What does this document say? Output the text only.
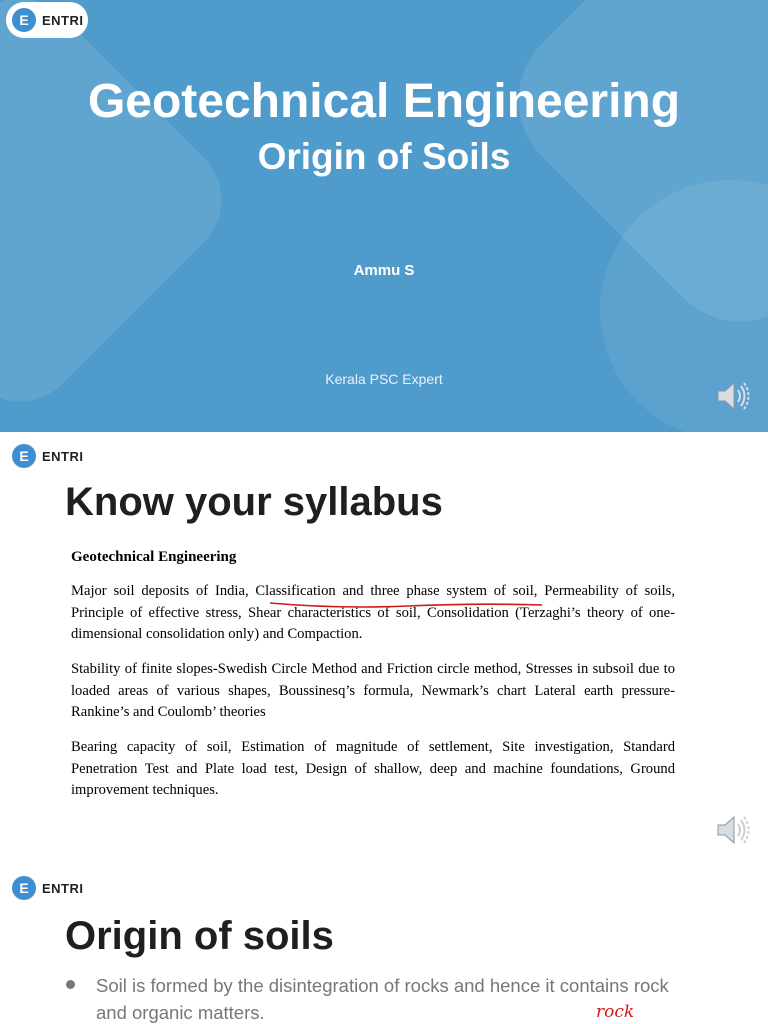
E	ENTRI
Geotechnical Engineering
Origin of Soils
Ammu S
Kerala PSC Expert
E	ENTRI
Know your syllabus
Geotechnical Engineering
Major soil deposits of India, Classification and three phase system of soil, Permeability of soils, Principle of effective stress, Shear characteristics of soil, Consolidation (Terzaghi’s theory of one-dimensional consolidation only) and Compaction.
Stability of finite slopes-Swedish Circle Method and Friction circle method, Stresses in subsoil due to loaded areas of various shapes, Boussinesq’s formula, Newmark’s chart Lateral earth pressure-Rankine’s and Coulomb’ theories
Bearing capacity of soil, Estimation of magnitude of settlement, Site investigation, Standard Penetration Test and Plate load test, Design of shallow, deep and machine foundations, Ground improvement techniques.
E	ENTRI
Origin of soils
Soil is formed by the disintegration of rocks and hence it contains rock and organic matters.	rock
